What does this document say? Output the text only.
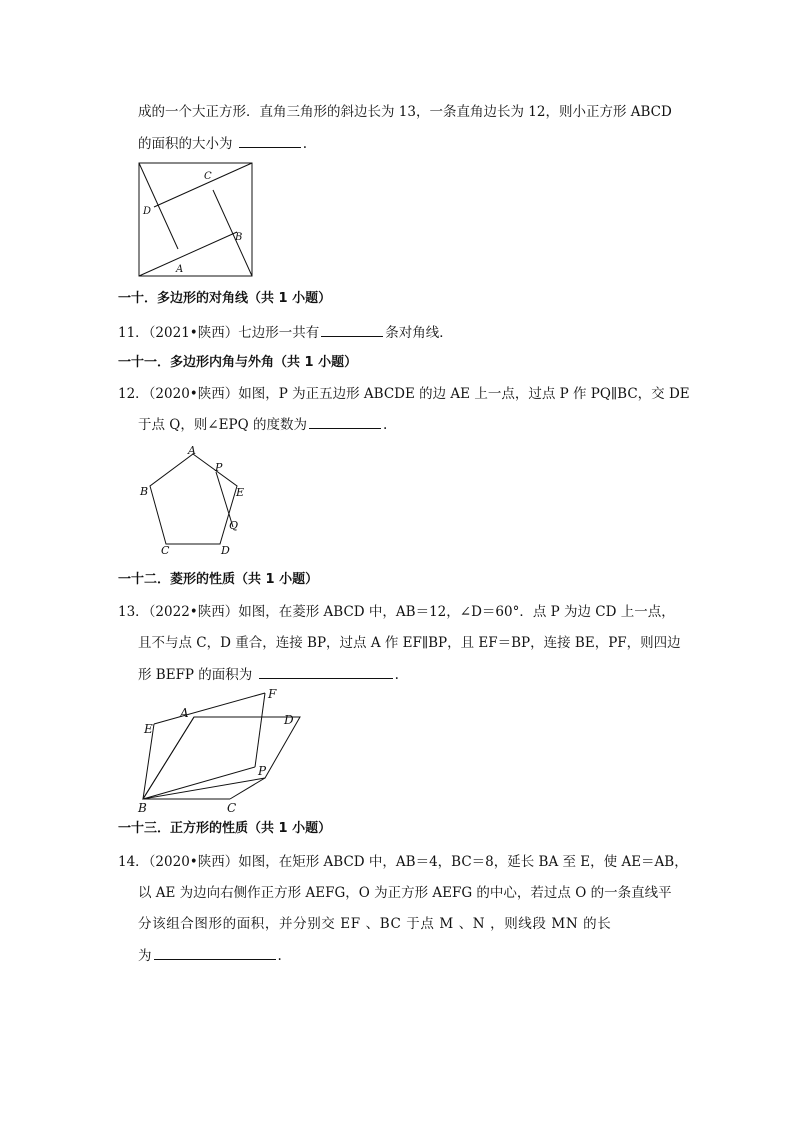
成的一个大正方形．直角三角形的斜边长为 13，一条直角边长为 12，则小正方形 ABCD
的面积的大小为	.
A
B
C
D
一十．多边形的对角线（共 1 小题）
11．（2021•陕西）七边形一共有	条对角线．
一十一．多边形内角与外角（共 1 小题）
12．（2020•陕西）如图，P 为正五边形 ABCDE 的边 AE 上一点，过点 P 作 PQ∥BC，交 DE
于点 Q，则∠EPQ 的度数为	.
A
P
E
Q
D
C
B
一十二．菱形的性质（共 1 小题）
13．（2022•陕西）如图，在菱形 ABCD 中，AB＝12，∠D＝60°．点 P 为边 CD 上一点，
且不与点 C，D 重合，连接 BP，过点 A 作 EF∥BP，且 EF＝BP，连接 BE，PF，则四边
形 BEFP 的面积为	.
A
E
F
D
P
C
B
一十三．正方形的性质（共 1 小题）
14．（2020•陕西）如图，在矩形 ABCD 中，AB＝4，BC＝8，延长 BA 至 E，使 AE＝AB，
以 AE 为边向右侧作正方形 AEFG，O 为正方形 AEFG 的中心，若过点 O 的一条直线平
分该组合图形的面积，并分别交 EF 、BC 于点 M 、N ，则线段 MN 的长
为	.
